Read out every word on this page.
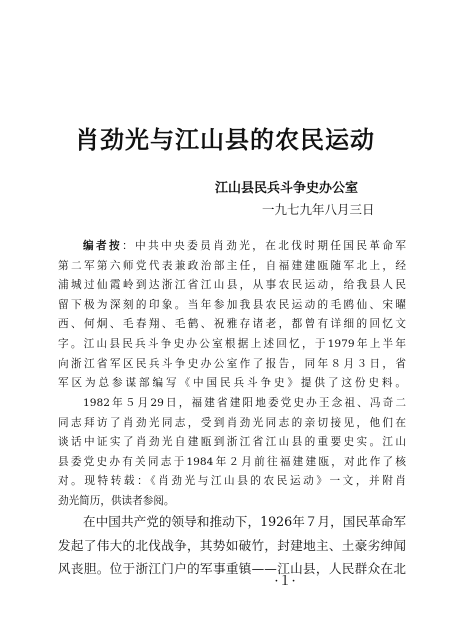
肖劲光与江山县的农民运动
江山县民兵斗争史办公室
一九七九年八月三日
编者按：中共中央委员肖劲光，在北伐时期任国民革命军
第二军第六师党代表兼政治部主任，自福建建瓯随军北上，经
浦城过仙霞岭到达浙江省江山县，从事农民运动，给我县人民
留下极为深刻的印象。当年参加我县农民运动的毛鸥仙、宋曜
西、何炯、毛春翔、毛鹤、祝雅存诸老，都曾有详细的回忆文
字。江山县民兵斗争史办公室根据上述回忆，于1979年上半年
向浙江省军区民兵斗争史办公室作了报告，同年８月３日，省
军区为总参谋部编写《中国民兵斗争史》提供了这份史料。
1982年５月29日，福建省建阳地委党史办王念祖、冯奇二
同志拜访了肖劲光同志，受到肖劲光同志的亲切接见，他们在
谈话中证实了肖劲光自建瓯到浙江省江山县的重要史实。江山
县委党史办有关同志于1984年２月前往福建建瓯，对此作了核
对。现特转载：《肖劲光与江山县的农民运动》一文，并附肖
劲光简历，供读者参阅。
在中国共产党的领导和推动下，1926年７月，国民革命军
发起了伟大的北伐战争，其势如破竹，封建地主、土豪劣绅闻
风丧胆。位于浙江门户的军事重镇——江山县，人民群众在北
·１·
